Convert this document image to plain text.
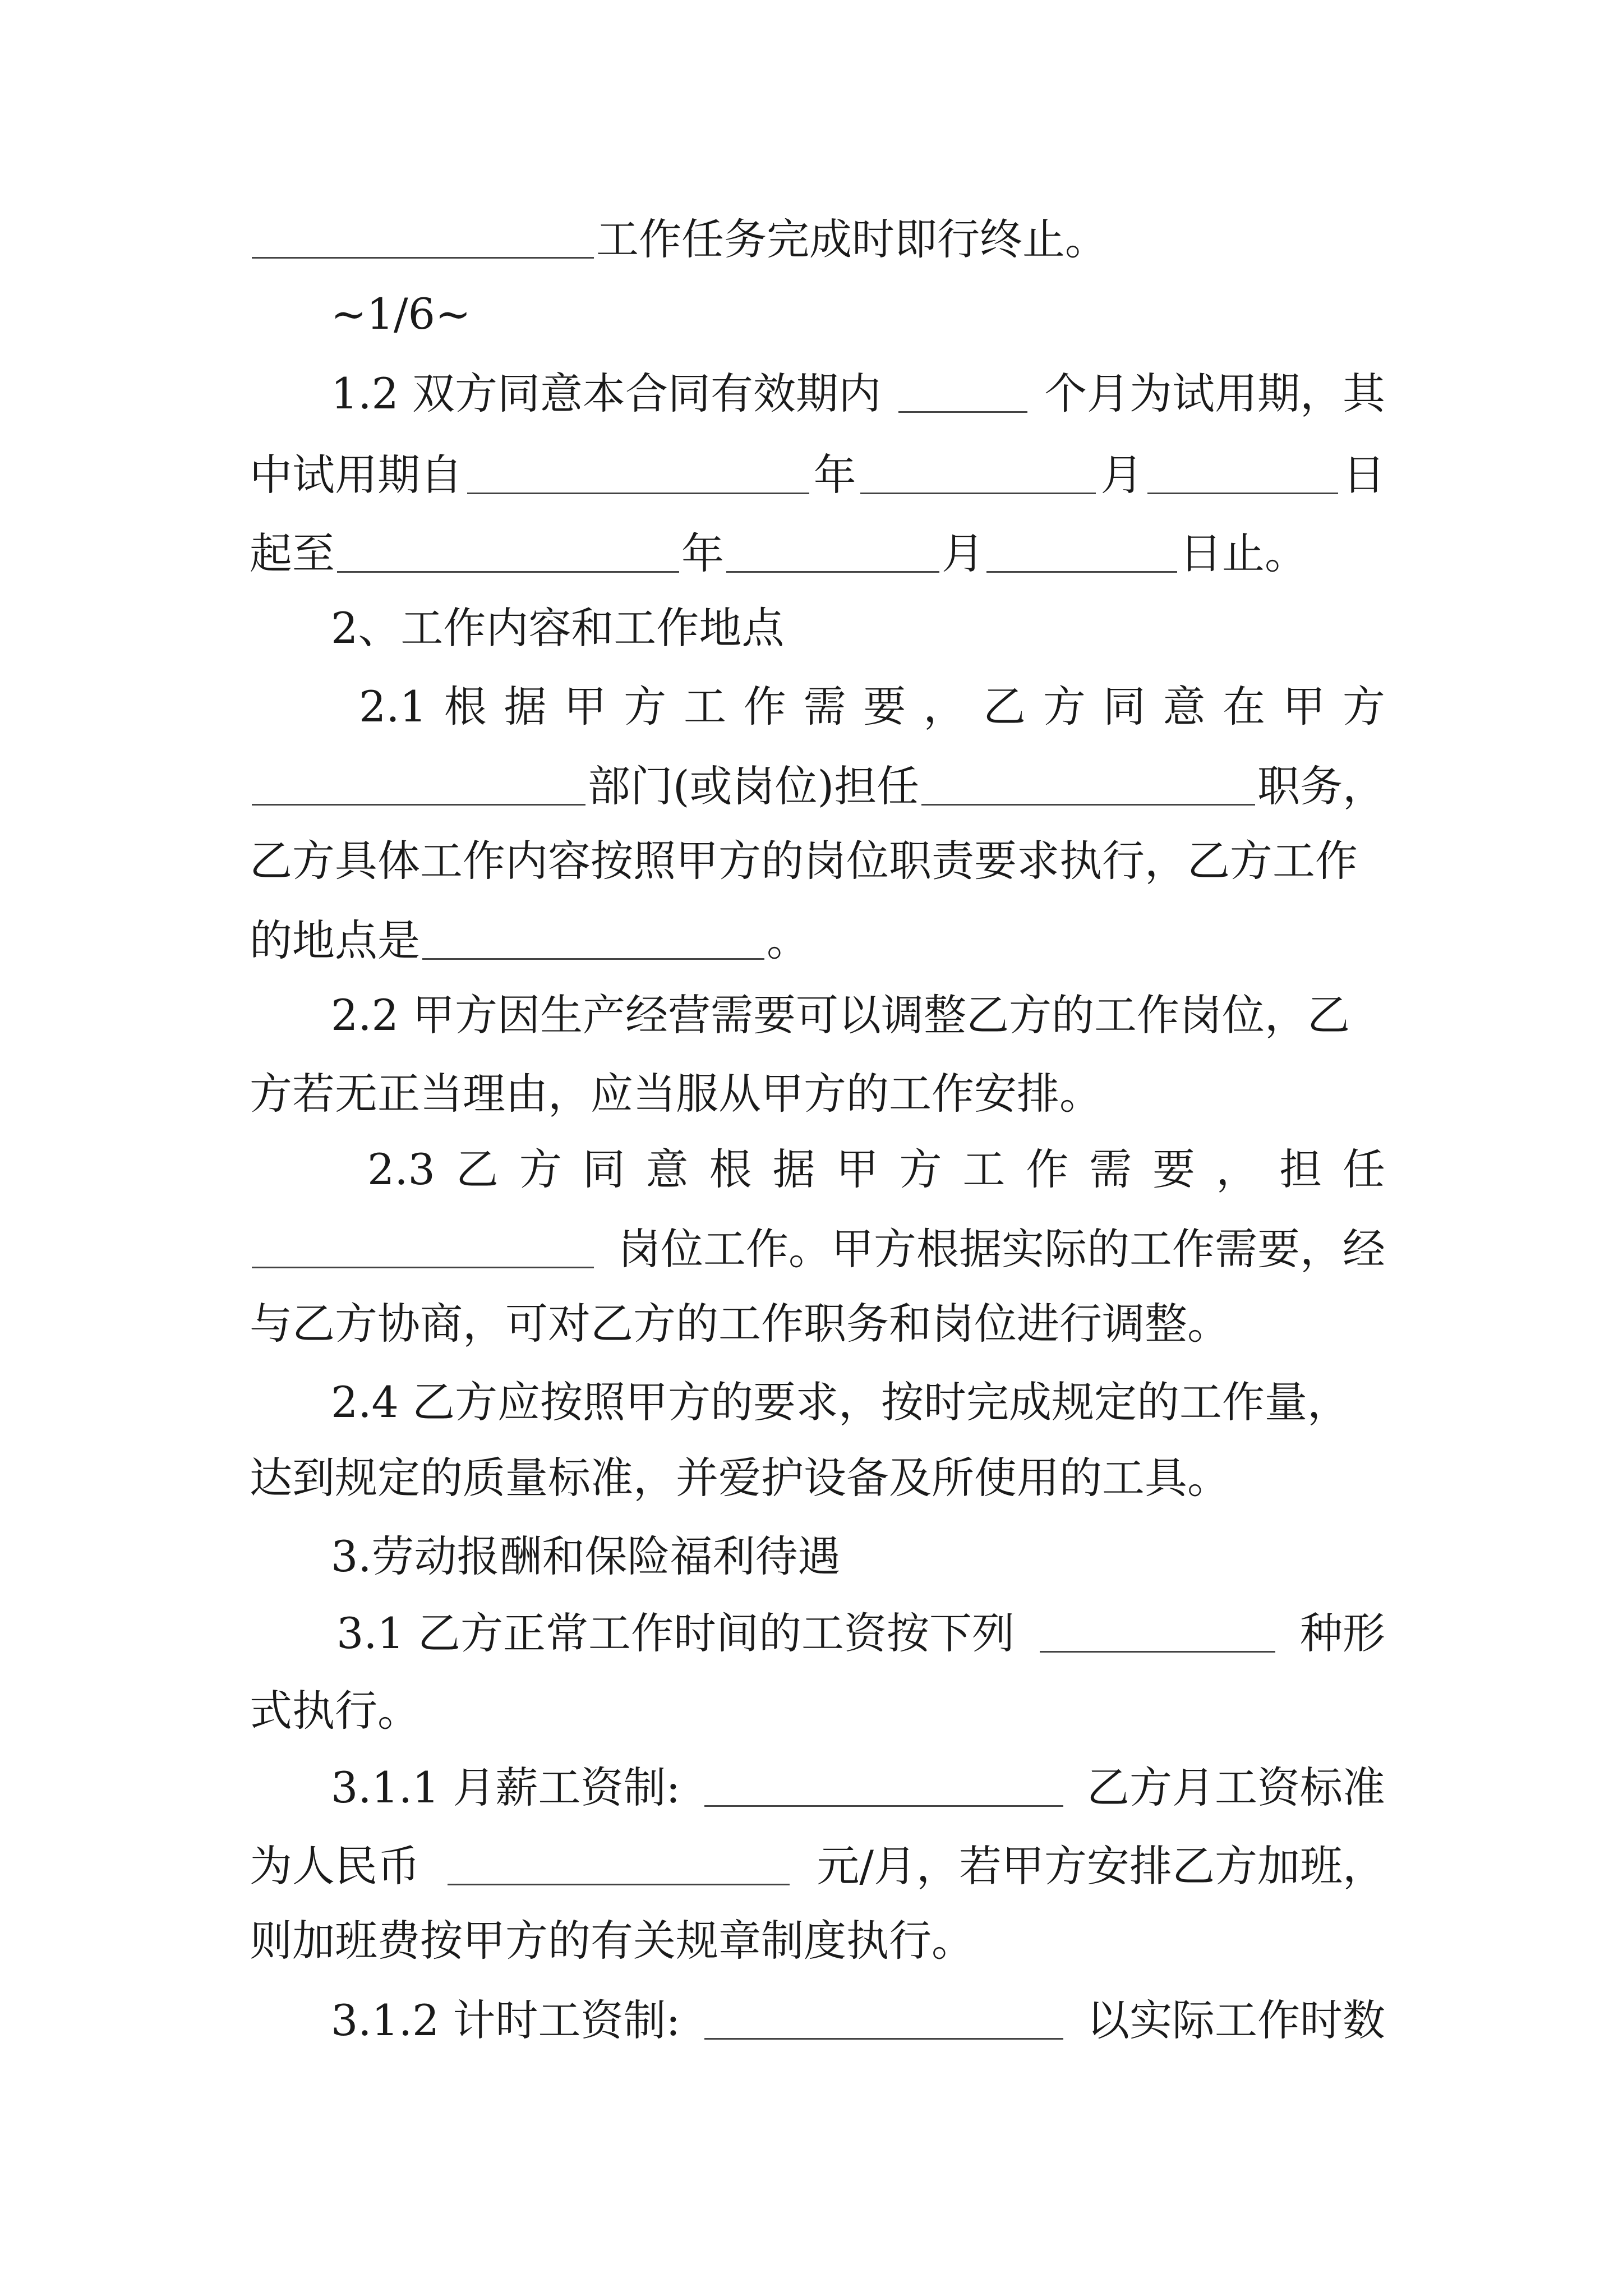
工作任务完成时即行终止。
~1/6~
1.2 双方同意本合同有效期内	个月为试用期，其
中试用期自	年	月	日
起至	年	月	日止。
2、工作内容和工作地点
2.1 根 据 甲 方 工 作 需 要 ， 乙 方 同 意 在 甲 方
部门(或岗位)担任	职务，
乙方具体工作内容按照甲方的岗位职责要求执行，乙方工作
的地点是	。
2.2 甲方因生产经营需要可以调整乙方的工作岗位，乙
方若无正当理由，应当服从甲方的工作安排。
2.3 乙 方 同 意 根 据 甲 方 工 作 需 要 ， 担 任
岗位工作。甲方根据实际的工作需要，经
与乙方协商，可对乙方的工作职务和岗位进行调整。
2.4 乙方应按照甲方的要求，按时完成规定的工作量，
达到规定的质量标准，并爱护设备及所使用的工具。
3.劳动报酬和保险福利待遇
3.1 乙方正常工作时间的工资按下列	种形
式执行。
3.1.1 月薪工资制:	乙方月工资标准
为人民币	元/月，若甲方安排乙方加班，
则加班费按甲方的有关规章制度执行。
3.1.2 计时工资制:	以实际工作时数
